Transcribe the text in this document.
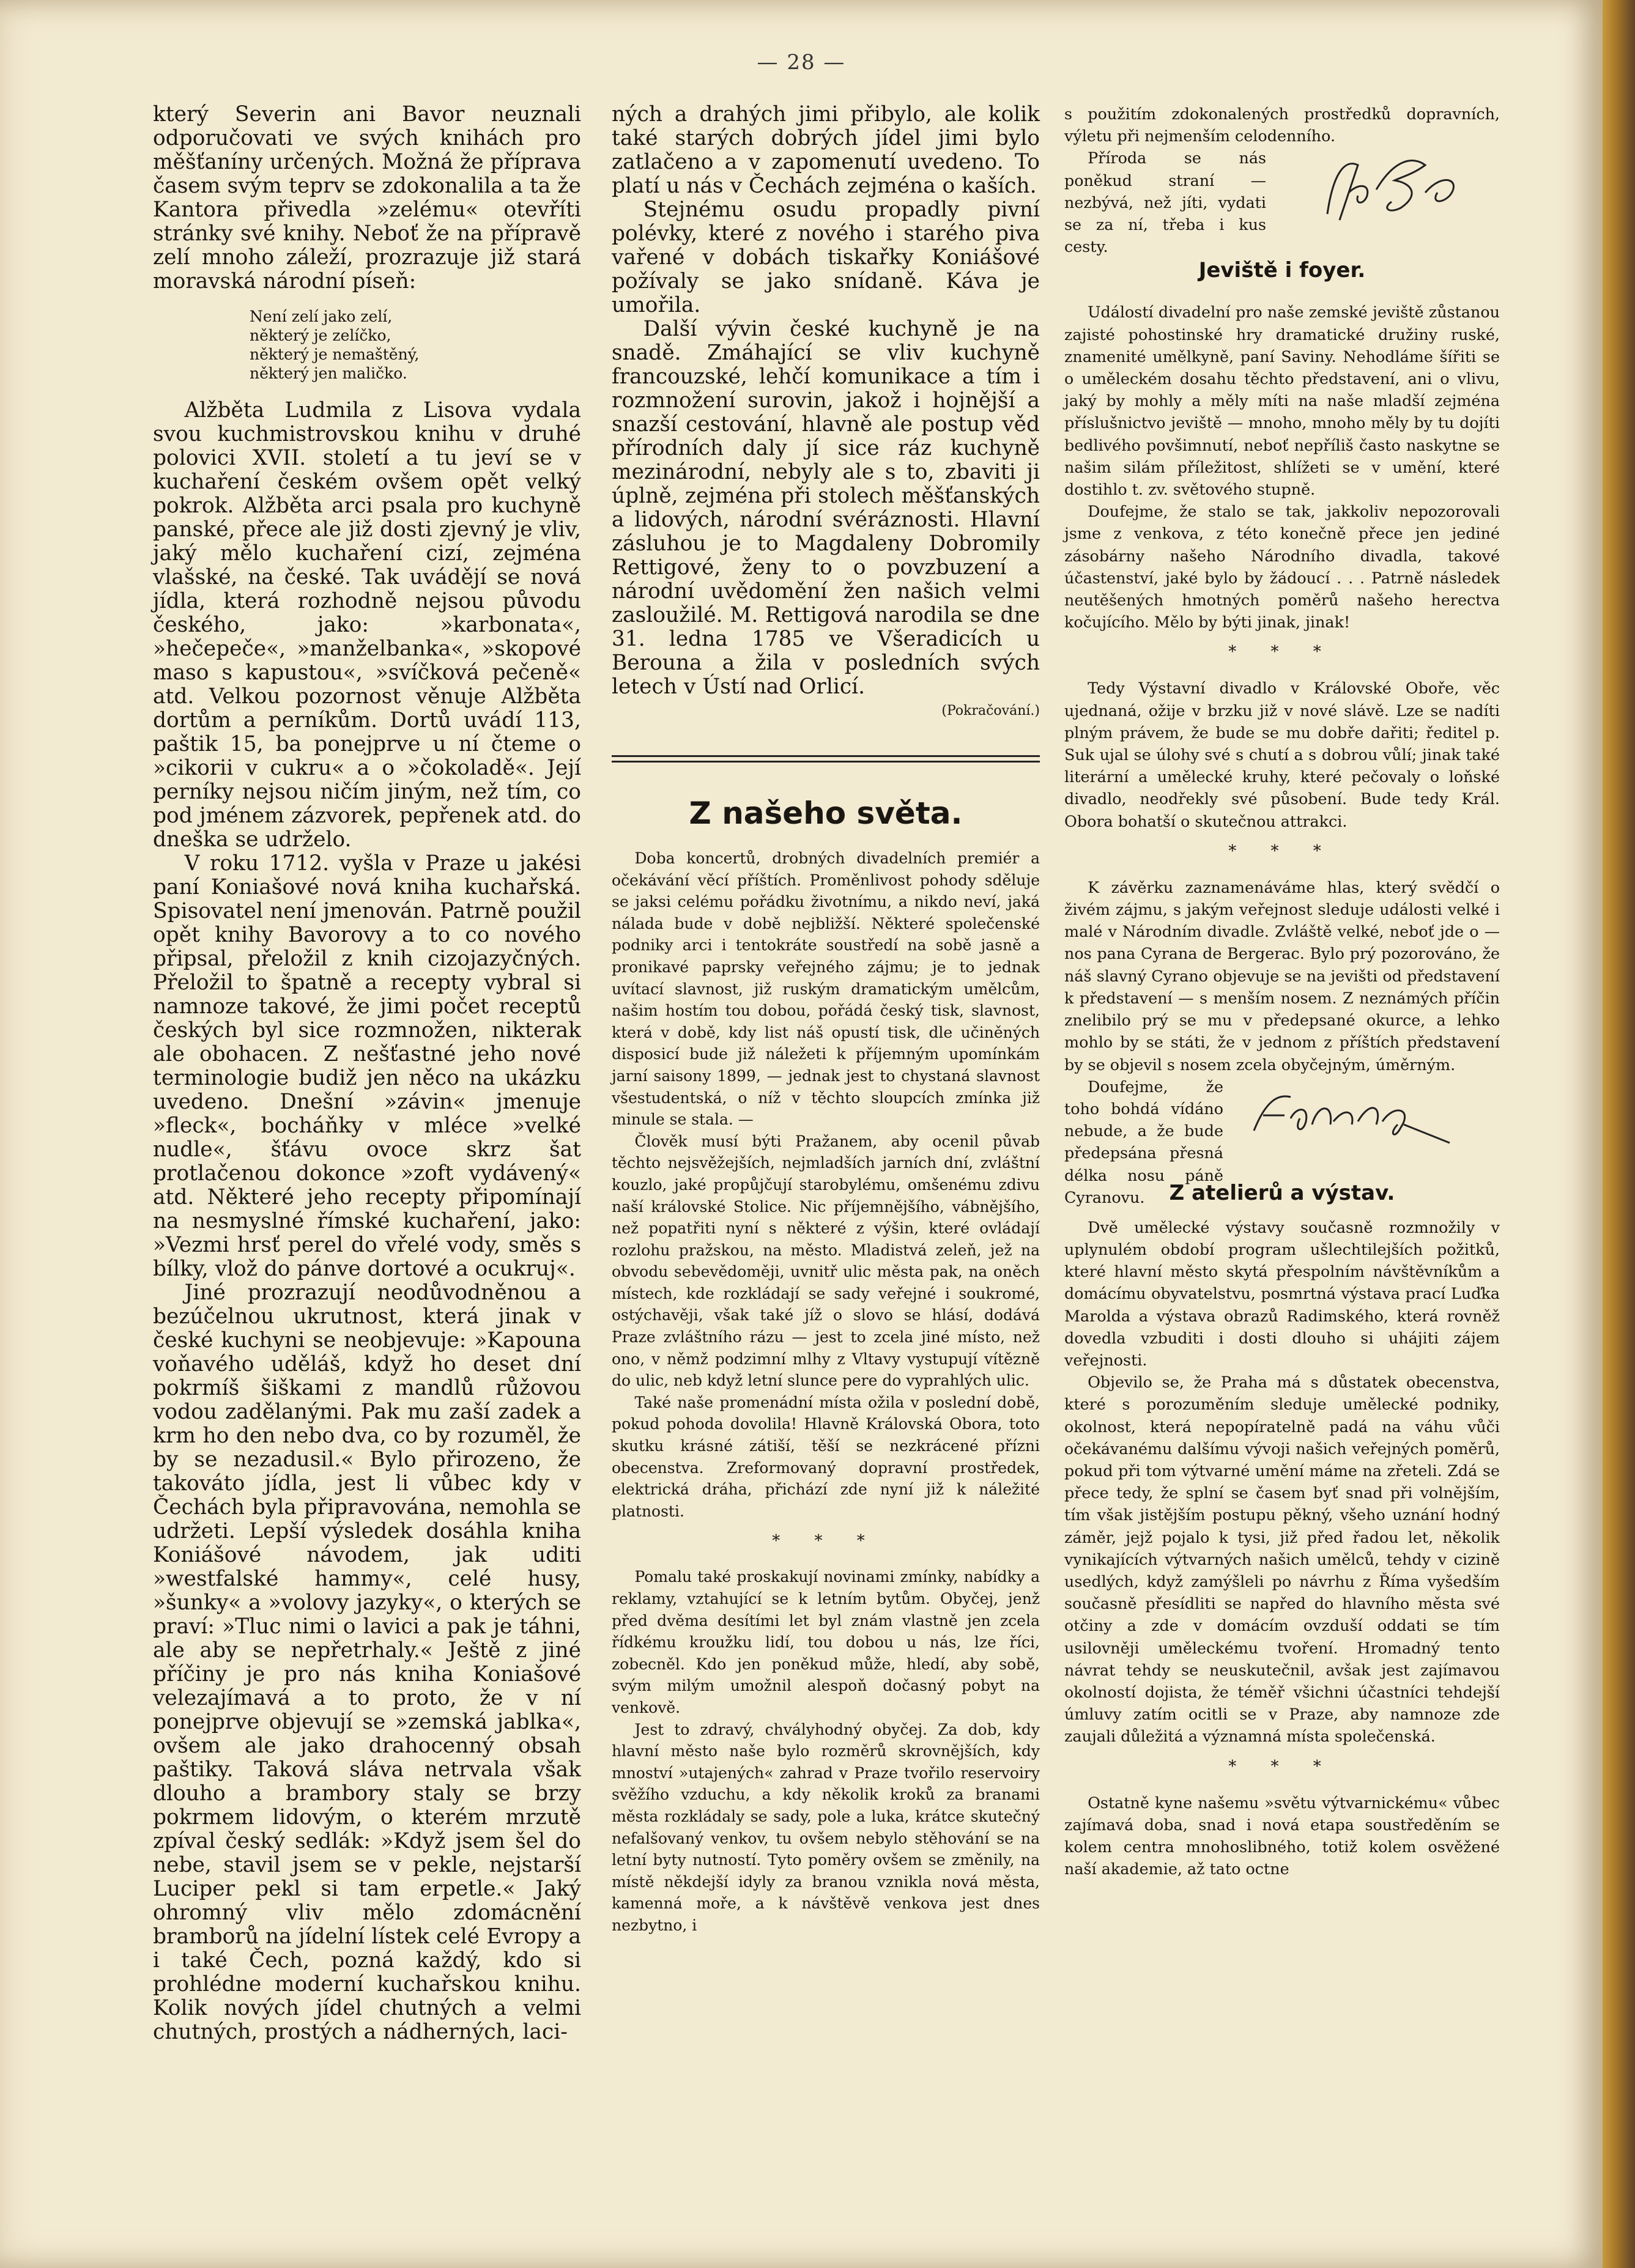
— 28 —

který Severin ani Bavor neuznali odporučovati ve svých knihách pro měšťaníny určených. Možná že příprava časem svým teprv se zdokonalila a ta že Kantora přivedla »zelému« otevříti stránky své knihy. Neboť že na přípravě zelí mnoho záleží, prozrazuje již stará moravská národní píseň:

Není zelí jako zelí,
některý je zelíčko,
některý je nemaštěný,
některý jen maličko.

Alžběta Ludmila z Lisova vydala svou kuchmistrovskou knihu v druhé polovici XVII. století a tu jeví se v kuchaření českém ovšem opět velký pokrok. Alžběta arci psala pro kuchyně panské, přece ale již dosti zjevný je vliv, jaký mělo kuchaření cizí, zejména vlašské, na české. Tak uvádějí se nová jídla, která rozhodně nejsou původu českého, jako: »karbonata«, »hečepeče«, »manželbanka«, »skopové maso s kapustou«, »svíčková pečeně« atd. Velkou pozornost věnuje Alžběta dortům a perníkům. Dortů uvádí 113, paštik 15, ba ponejprve u ní čteme o »cikorii v cukru« a o »čokoladě«. Její perníky nejsou ničím jiným, než tím, co pod jménem zázvorek, pepřenek atd. do dneška se udrželo.

V roku 1712. vyšla v Praze u jakési paní Koniašové nová kniha kuchařská. Spisovatel není jmenován. Patrně použil opět knihy Bavorovy a to co nového připsal, přeložil z knih cizojazyčných. Přeložil to špatně a recepty vybral si namnoze takové, že jimi počet receptů českých byl sice rozmnožen, nikterak ale obohacen. Z nešťastné jeho nové terminologie budiž jen něco na ukázku uvedeno. Dnešní »závin« jmenuje »fleck«, bocháňky v mléce »velké nudle«, šťávu ovoce skrz šat protlačenou dokonce »zoft vydávený« atd. Některé jeho recepty připomínají na nesmyslné římské kuchaření, jako: »Vezmi hrsť perel do vřelé vody, směs s bílky, vlož do pánve dortové a ocukruj«.

Jiné prozrazují neodůvodněnou a bezúčelnou ukrutnost, která jinak v české kuchyni se neobjevuje: »Kapouna voňavého uděláš, když ho deset dní pokrmíš šiškami z mandlů růžovou vodou zadělanými. Pak mu zaší zadek a krm ho den nebo dva, co by rozuměl, že by se nezadusil.« Bylo přirozeno, že takováto jídla, jest li vůbec kdy v Čechách byla připravována, nemohla se udržeti. Lepší výsledek dosáhla kniha Koniášové návodem, jak uditi »westfalské hammy«, celé husy, »šunky« a »volovy jazyky«, o kterých se praví: »Tluc nimi o lavici a pak je táhni, ale aby se nepřetrhaly.« Ještě z jiné příčiny je pro nás kniha Koniašové velezajímavá a to proto, že v ní ponejprve objevují se »zemská jablka«, ovšem ale jako drahocenný obsah paštiky. Taková sláva netrvala však dlouho a brambory staly se brzy pokrmem lidovým, o kterém mrzutě zpíval český sedlák: »Když jsem šel do nebe, stavil jsem se v pekle, nejstarší Luciper pekl si tam erpetle.« Jaký ohromný vliv mělo zdomácnění bramborů na jídelní lístek celé Evropy a i také Čech, pozná každý, kdo si prohlédne moderní kuchařskou knihu. Kolik nových jídel chutných a velmi chutných, prostých a nádherných, laci-

ných a drahých jimi přibylo, ale kolik také starých dobrých jídel jimi bylo zatlačeno a v zapomenutí uvedeno. To platí u nás v Čechách zejména o kaších.

Stejnému osudu propadly pivní polévky, které z nového i starého piva vařené v dobách tiskařky Koniášové požívaly se jako snídaně. Káva je umořila.

Další vývin české kuchyně je na snadě. Zmáhající se vliv kuchyně francouzské, lehčí komunikace a tím i rozmnožení surovin, jakož i hojnější a snazší cestování, hlavně ale postup věd přírodních daly jí sice ráz kuchyně mezinárodní, nebyly ale s to, zbaviti ji úplně, zejména při stolech měšťanských a lidových, národní svéráznosti. Hlavní zásluhou je to Magdaleny Dobromily Rettigové, ženy to o povzbuzení a národní uvědomění žen našich velmi zasloužilé. M. Rettigová narodila se dne 31. ledna 1785 ve Všeradicích u Berouna a žila v posledních svých letech v Ústí nad Orlicí.

(Pokračování.)
Z našeho světa.

Doba koncertů, drobných divadelních premiér a očekávání věcí příštích. Proměnlivost pohody sděluje se jaksi celému pořádku životnímu, a nikdo neví, jaká nálada bude v době nejbližší. Některé společenské podniky arci i tentokráte soustředí na sobě jasně a pronikavé paprsky veřejného zájmu; je to jednak uvítací slavnost, již ruským dramatickým umělcům, našim hostím tou dobou, pořádá český tisk, slavnost, která v době, kdy list náš opustí tisk, dle učiněných disposicí bude již náležeti k příjemným upomínkám jarní saisony 1899, — jednak jest to chystaná slavnost všestudentská, o níž v těchto sloupcích zmínka již minule se stala. —

Člověk musí býti Pražanem, aby ocenil půvab těchto nejsvěžejších, nejmladších jarních dní, zvláštní kouzlo, jaké propůjčují starobylému, omšenému zdivu naší královské Stolice. Nic příjemnějšího, vábnějšího, než popatřiti nyní s některé z výšin, které ovládají rozlohu pražskou, na město. Mladistvá zeleň, jež na obvodu sebevědoměji, uvnitř ulic města pak, na oněch místech, kde rozkládají se sady veřejné i soukromé, ostýchavěji, však také jíž o slovo se hlásí, dodává Praze zvláštního rázu — jest to zcela jiné místo, než ono, v němž podzimní mlhy z Vltavy vystupují vítězně do ulic, neb když letní slunce pere do vyprahlých ulic.

Také naše promenádní místa ožila v poslední době, pokud pohoda dovolila! Hlavně Královská Obora, toto skutku krásné zátiší, těší se nezkrácené přízni obecenstva. Zreformovaný dopravní prostředek, elektrická dráha, přichází zde nyní již k náležité platnosti.

* * *

Pomalu také proskakují novinami zmínky, nabídky a reklamy, vztahující se k letním bytům. Obyčej, jenž před dvěma desítími let byl znám vlastně jen zcela řídkému kroužku lidí, tou dobou u nás, lze říci, zobecněl. Kdo jen poněkud může, hledí, aby sobě, svým milým umožnil alespoň dočasný pobyt na venkově.

Jest to zdravý, chvályhodný obyčej. Za dob, kdy hlavní město naše bylo rozměrů skrovnějších, kdy mnoství »utajených« zahrad v Praze tvořilo reservoiry svěžího vzduchu, a kdy několik kroků za branami města rozkládaly se sady, pole a luka, krátce skutečný nefalšovaný venkov, tu ovšem nebylo stěhování se na letní byty nutností. Tyto poměry ovšem se změnily, na místě někdejší idyly za branou vznikla nová města, kamenná moře, a k návštěvě venkova jest dnes nezbytno, i

s použitím zdokonalených prostředků dopravních, výletu při nejmenším celodenního.

Příroda se nás poněkud straní — nezbývá, než jíti, vydati se za ní, třeba i kus cesty.

Jos. Bor
Jeviště i foyer.

Událostí divadelní pro naše zemské jeviště zůstanou zajisté pohostinské hry dramatické družiny ruské, znamenité umělkyně, paní Saviny. Nehodláme šířiti se o uměleckém dosahu těchto představení, ani o vlivu, jaký by mohly a měly míti na naše mladší zejména příslušnictvo jeviště — mnoho, mnoho měly by tu dojíti bedlivého povšimnutí, neboť nepříliš často naskytne se našim silám příležitost, shlížeti se v umění, které dostihlo t. zv. světového stupně.

Doufejme, že stalo se tak, jakkoliv nepozorovali jsme z venkova, z této konečně přece jen jediné zásobárny našeho Národního divadla, takové účastenství, jaké bylo by žádoucí . . . Patrně následek neutěšených hmotných poměrů našeho herectva kočujícího. Mělo by býti jinak, jinak!

* * *

Tedy Výstavní divadlo v Královské Oboře, věc ujednaná, ožije v brzku již v nové slávě. Lze se nadíti plným právem, že bude se mu dobře dařiti; ředitel p. Suk ujal se úlohy své s chutí a s dobrou vůlí; jinak také literární a umělecké kruhy, které pečovaly o loňské divadlo, neodřekly své působení. Bude tedy Král. Obora bohatší o skutečnou attrakci.

* * *

K závěrku zaznamenáváme hlas, který svědčí o živém zájmu, s jakým veřejnost sleduje události velké i malé v Národním divadle. Zvláště velké, neboť jde o — nos pana Cyrana de Bergerac. Bylo prý pozorováno, že náš slavný Cyrano objevuje se na jevišti od představení k představení — s menším nosem. Z neznámých příčin znelibilo prý se mu v předepsané okurce, a lehko mohlo by se státi, že v jednom z příštích představení by se objevil s nosem zcela obyčejným, úměrným.

Doufejme, že toho bohdá vídáno nebude, a že bude předepsána přesná délka nosu páně Cyranovu.

Fr. Kaminek
Z atelierů a výstav.

Dvě umělecké výstavy současně rozmnožily v uplynulém období program ušlechtilejších požitků, které hlavní město skytá přespolním návštěvníkům a domácímu obyvatelstvu, posmrtná výstava prací Luďka Marolda a výstava obrazů Radimského, která rovněž dovedla vzbuditi i dosti dlouho si uhájiti zájem veřejnosti.

Objevilo se, že Praha má s důstatek obecenstva, které s porozuměním sleduje umělecké podniky, okolnost, která nepopíratelně padá na váhu vůči očekávanému dalšímu vývoji našich veřejných poměrů, pokud při tom výtvarné umění máme na zřeteli. Zdá se přece tedy, že splní se časem byť snad při volnějším, tím však jistějším postupu pěkný, všeho uznání hodný záměr, jejž pojalo k tysi, již před řadou let, několik vynikajících výtvarných našich umělců, tehdy v cizině usedlých, když zamýšleli po návrhu z Říma vyšedším současně přesídliti se napřed do hlavního města své otčiny a zde v domácím ovzduší oddati se tím usilovněji uměleckému tvoření. Hromadný tento návrat tehdy se neuskutečnil, avšak jest zajímavou okolností dojista, že téměř všichni účastníci tehdejší úmluvy zatím ocitli se v Praze, aby namnoze zde zaujali důležitá a významná místa společenská.

* * *

Ostatně kyne našemu »světu výtvarnickému« vůbec zajímavá doba, snad i nová etapa soustředěním se kolem centra mnohoslibného, totiž kolem osvěžené naší akademie, až tato octne
